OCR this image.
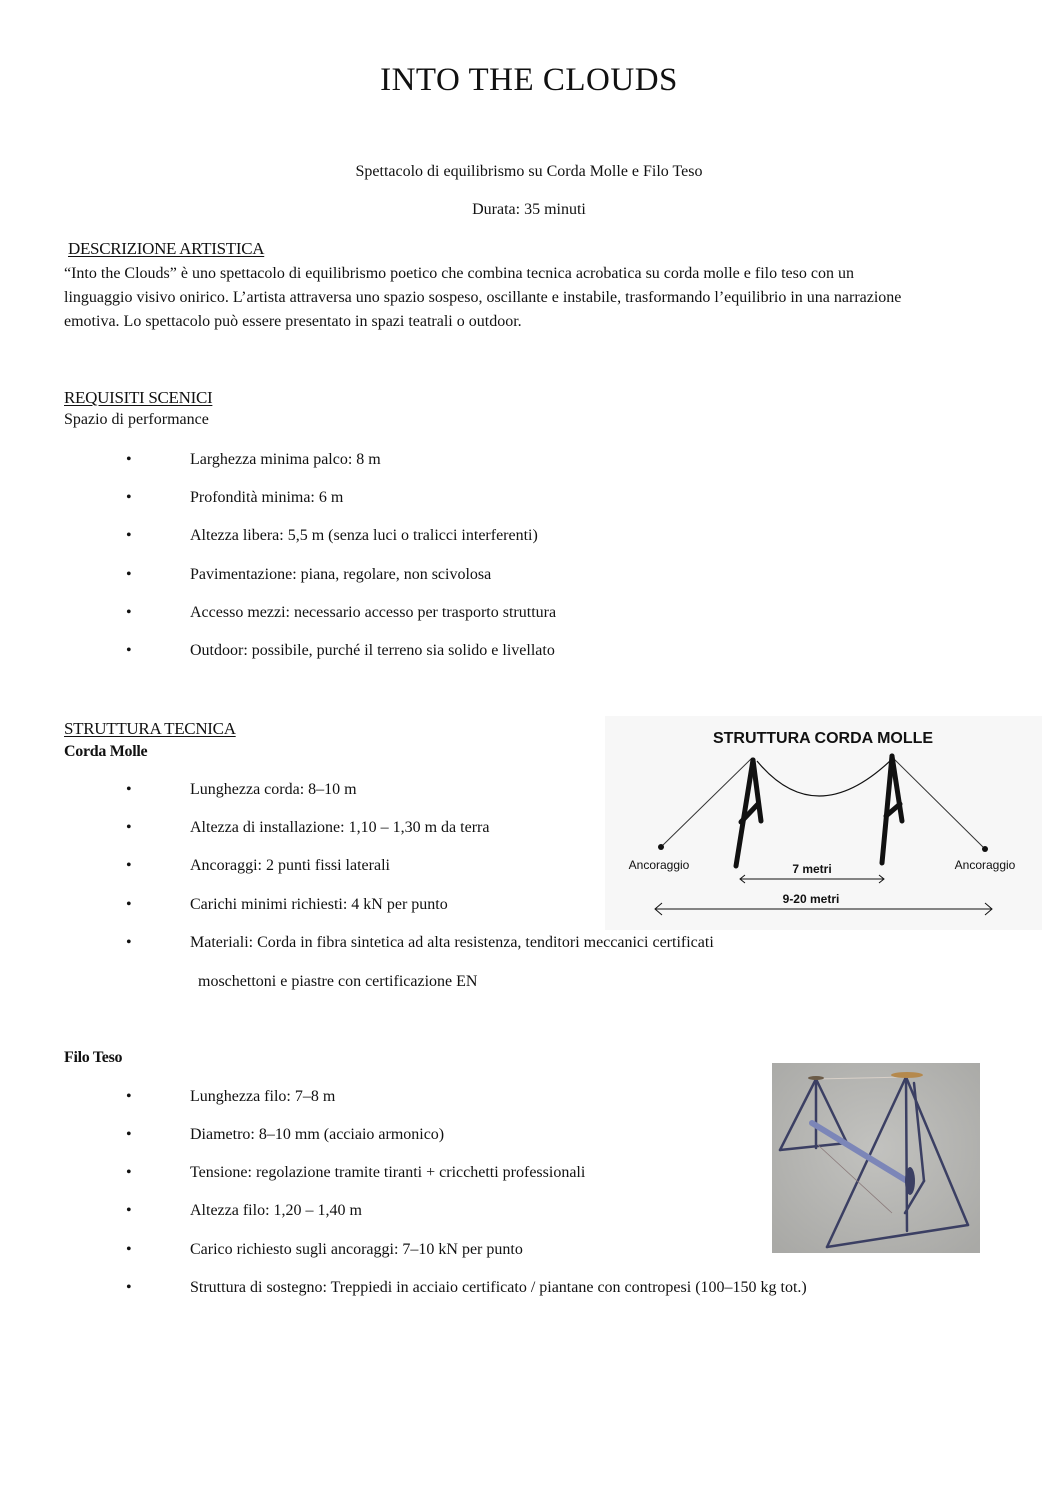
INTO THE CLOUDS
Spettacolo di equilibrismo su Corda Molle e Filo Teso
Durata: 35 minuti
DESCRIZIONE ARTISTICA
“Into the Clouds” è uno spettacolo di equilibrismo poetico che combina tecnica acrobatica su corda molle e filo teso con un
linguaggio visivo onirico. L’artista attraversa uno spazio sospeso, oscillante e instabile, trasformando l’equilibrio in una narrazione
emotiva. Lo spettacolo può essere presentato in spazi teatrali o outdoor.
REQUISITI SCENICI
Spazio di performance
•	Larghezza minima palco: 8 m
•	Profondità minima: 6 m
•	Altezza libera: 5,5 m (senza luci o tralicci interferenti)
•	Pavimentazione: piana, regolare, non scivolosa
•	Accesso mezzi: necessario accesso per trasporto struttura
•	Outdoor: possibile, purché il terreno sia solido e livellato
STRUTTURA TECNICA
Corda Molle
•	Lunghezza corda: 8–10 m
•	Altezza di installazione: 1,10 – 1,30 m da terra
•	Ancoraggi: 2 punti fissi laterali
•	Carichi minimi richiesti: 4 kN per punto
•	Materiali: Corda in fibra sintetica ad alta resistenza, tenditori meccanici certificati
moschettoni e piastre con certificazione EN
STRUTTURA CORDA MOLLE
Ancoraggio	Ancoraggio
7 metri
9-20 metri
Filo Teso
•	Lunghezza filo: 7–8 m
•	Diametro: 8–10 mm (acciaio armonico)
•	Tensione: regolazione tramite tiranti + cricchetti professionali
•	Altezza filo: 1,20 – 1,40 m
•	Carico richiesto sugli ancoraggi: 7–10 kN per punto
•	Struttura di sostegno: Treppiedi in acciaio certificato / piantane con contropesi (100–150 kg tot.)
